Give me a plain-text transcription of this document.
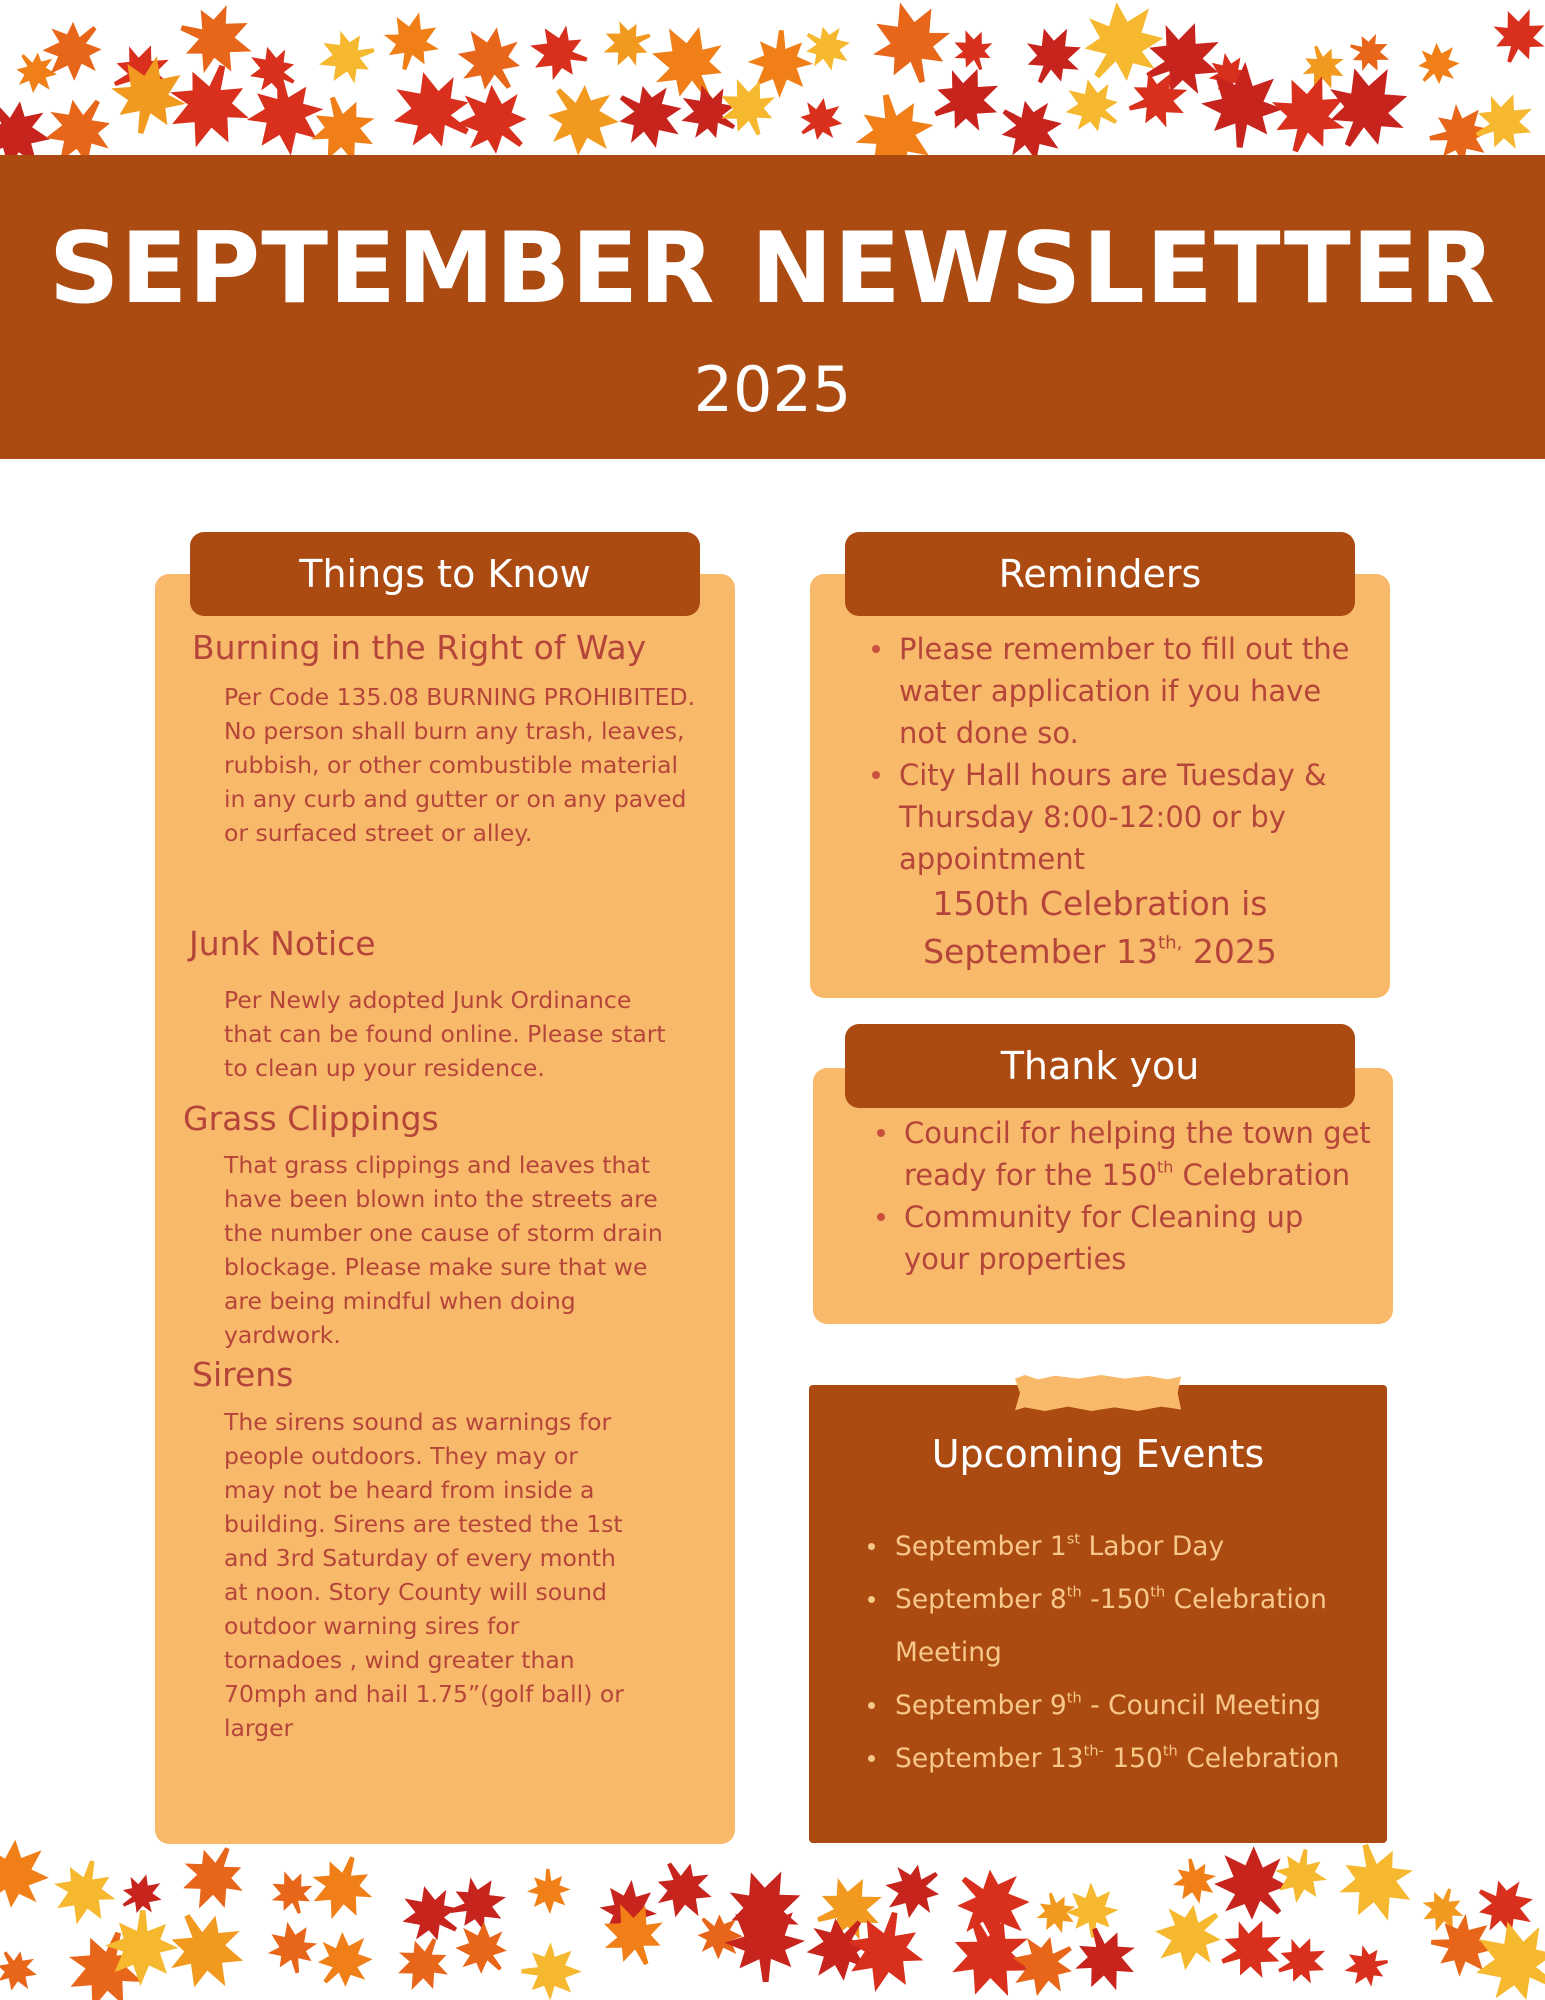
SEPTEMBER NEWSLETTER
2025
Things to Know
Burning in the Right of Way
Per Code 135.08 BURNING PROHIBITED. No person shall burn any trash, leaves, rubbish, or other combustible material in any curb and gutter or on any paved or surfaced street or alley.
Junk Notice
Per Newly adopted Junk Ordinance that can be found online. Please start to clean up your residence.
Grass Clippings
That grass clippings and leaves that have been blown into the streets are the number one cause of storm drain blockage. Please make sure that we are being mindful when doing yardwork.
Sirens
The sirens sound as warnings for people outdoors. They may or may not be heard from inside a building. Sirens are tested the 1st and 3rd Saturday of every month at noon. Story County will sound outdoor warning sires for tornadoes , wind greater than 70mph and hail 1.75”(golf ball) or larger
Reminders
Please remember to fill out the water application if you have not done so.
City Hall hours are Tuesday & Thursday 8:00-12:00 or by appointment
150th Celebration is
September $13^{th,}$ 2025
Thank you
Council for helping the town get ready for the 150th Celebration
Community for Cleaning up your properties
Upcoming Events
September 1st Labor Day
September 8th -150th Celebration Meeting
September 9th - Council Meeting
September $13^{th-}$ 150th Celebration
